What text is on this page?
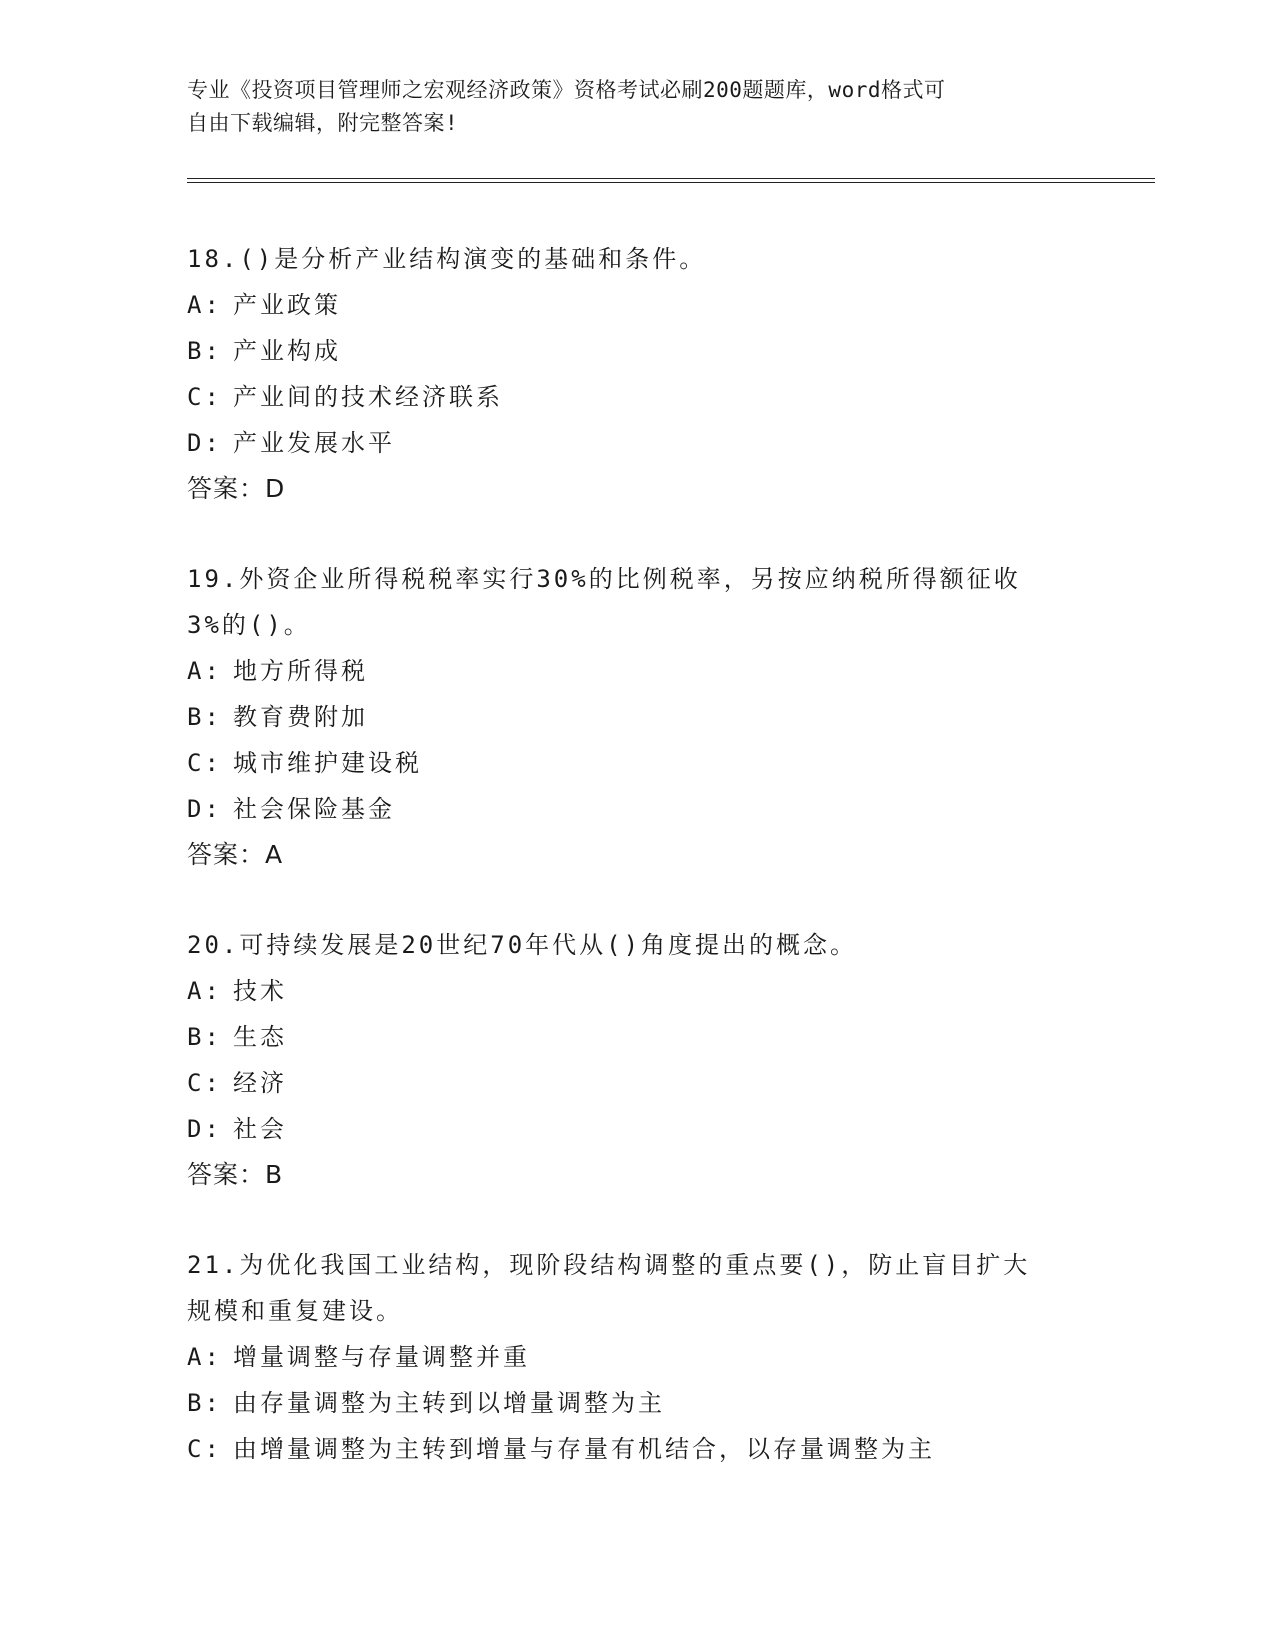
专业《投资项目管理师之宏观经济政策》资格考试必刷200题题库，word格式可
自由下载编辑，附完整答案!
18.()是分析产业结构演变的基础和条件。
A: 产业政策
B: 产业构成
C: 产业间的技术经济联系
D: 产业发展水平
答案：D
19.外资企业所得税税率实行30%的比例税率，另按应纳税所得额征收
3%的()。
A: 地方所得税
B: 教育费附加
C: 城市维护建设税
D: 社会保险基金
答案：A
20.可持续发展是20世纪70年代从()角度提出的概念。
A: 技术
B: 生态
C: 经济
D: 社会
答案：B
21.为优化我国工业结构，现阶段结构调整的重点要()，防止盲目扩大
规模和重复建设。
A: 增量调整与存量调整并重
B: 由存量调整为主转到以增量调整为主
C: 由增量调整为主转到增量与存量有机结合，以存量调整为主
